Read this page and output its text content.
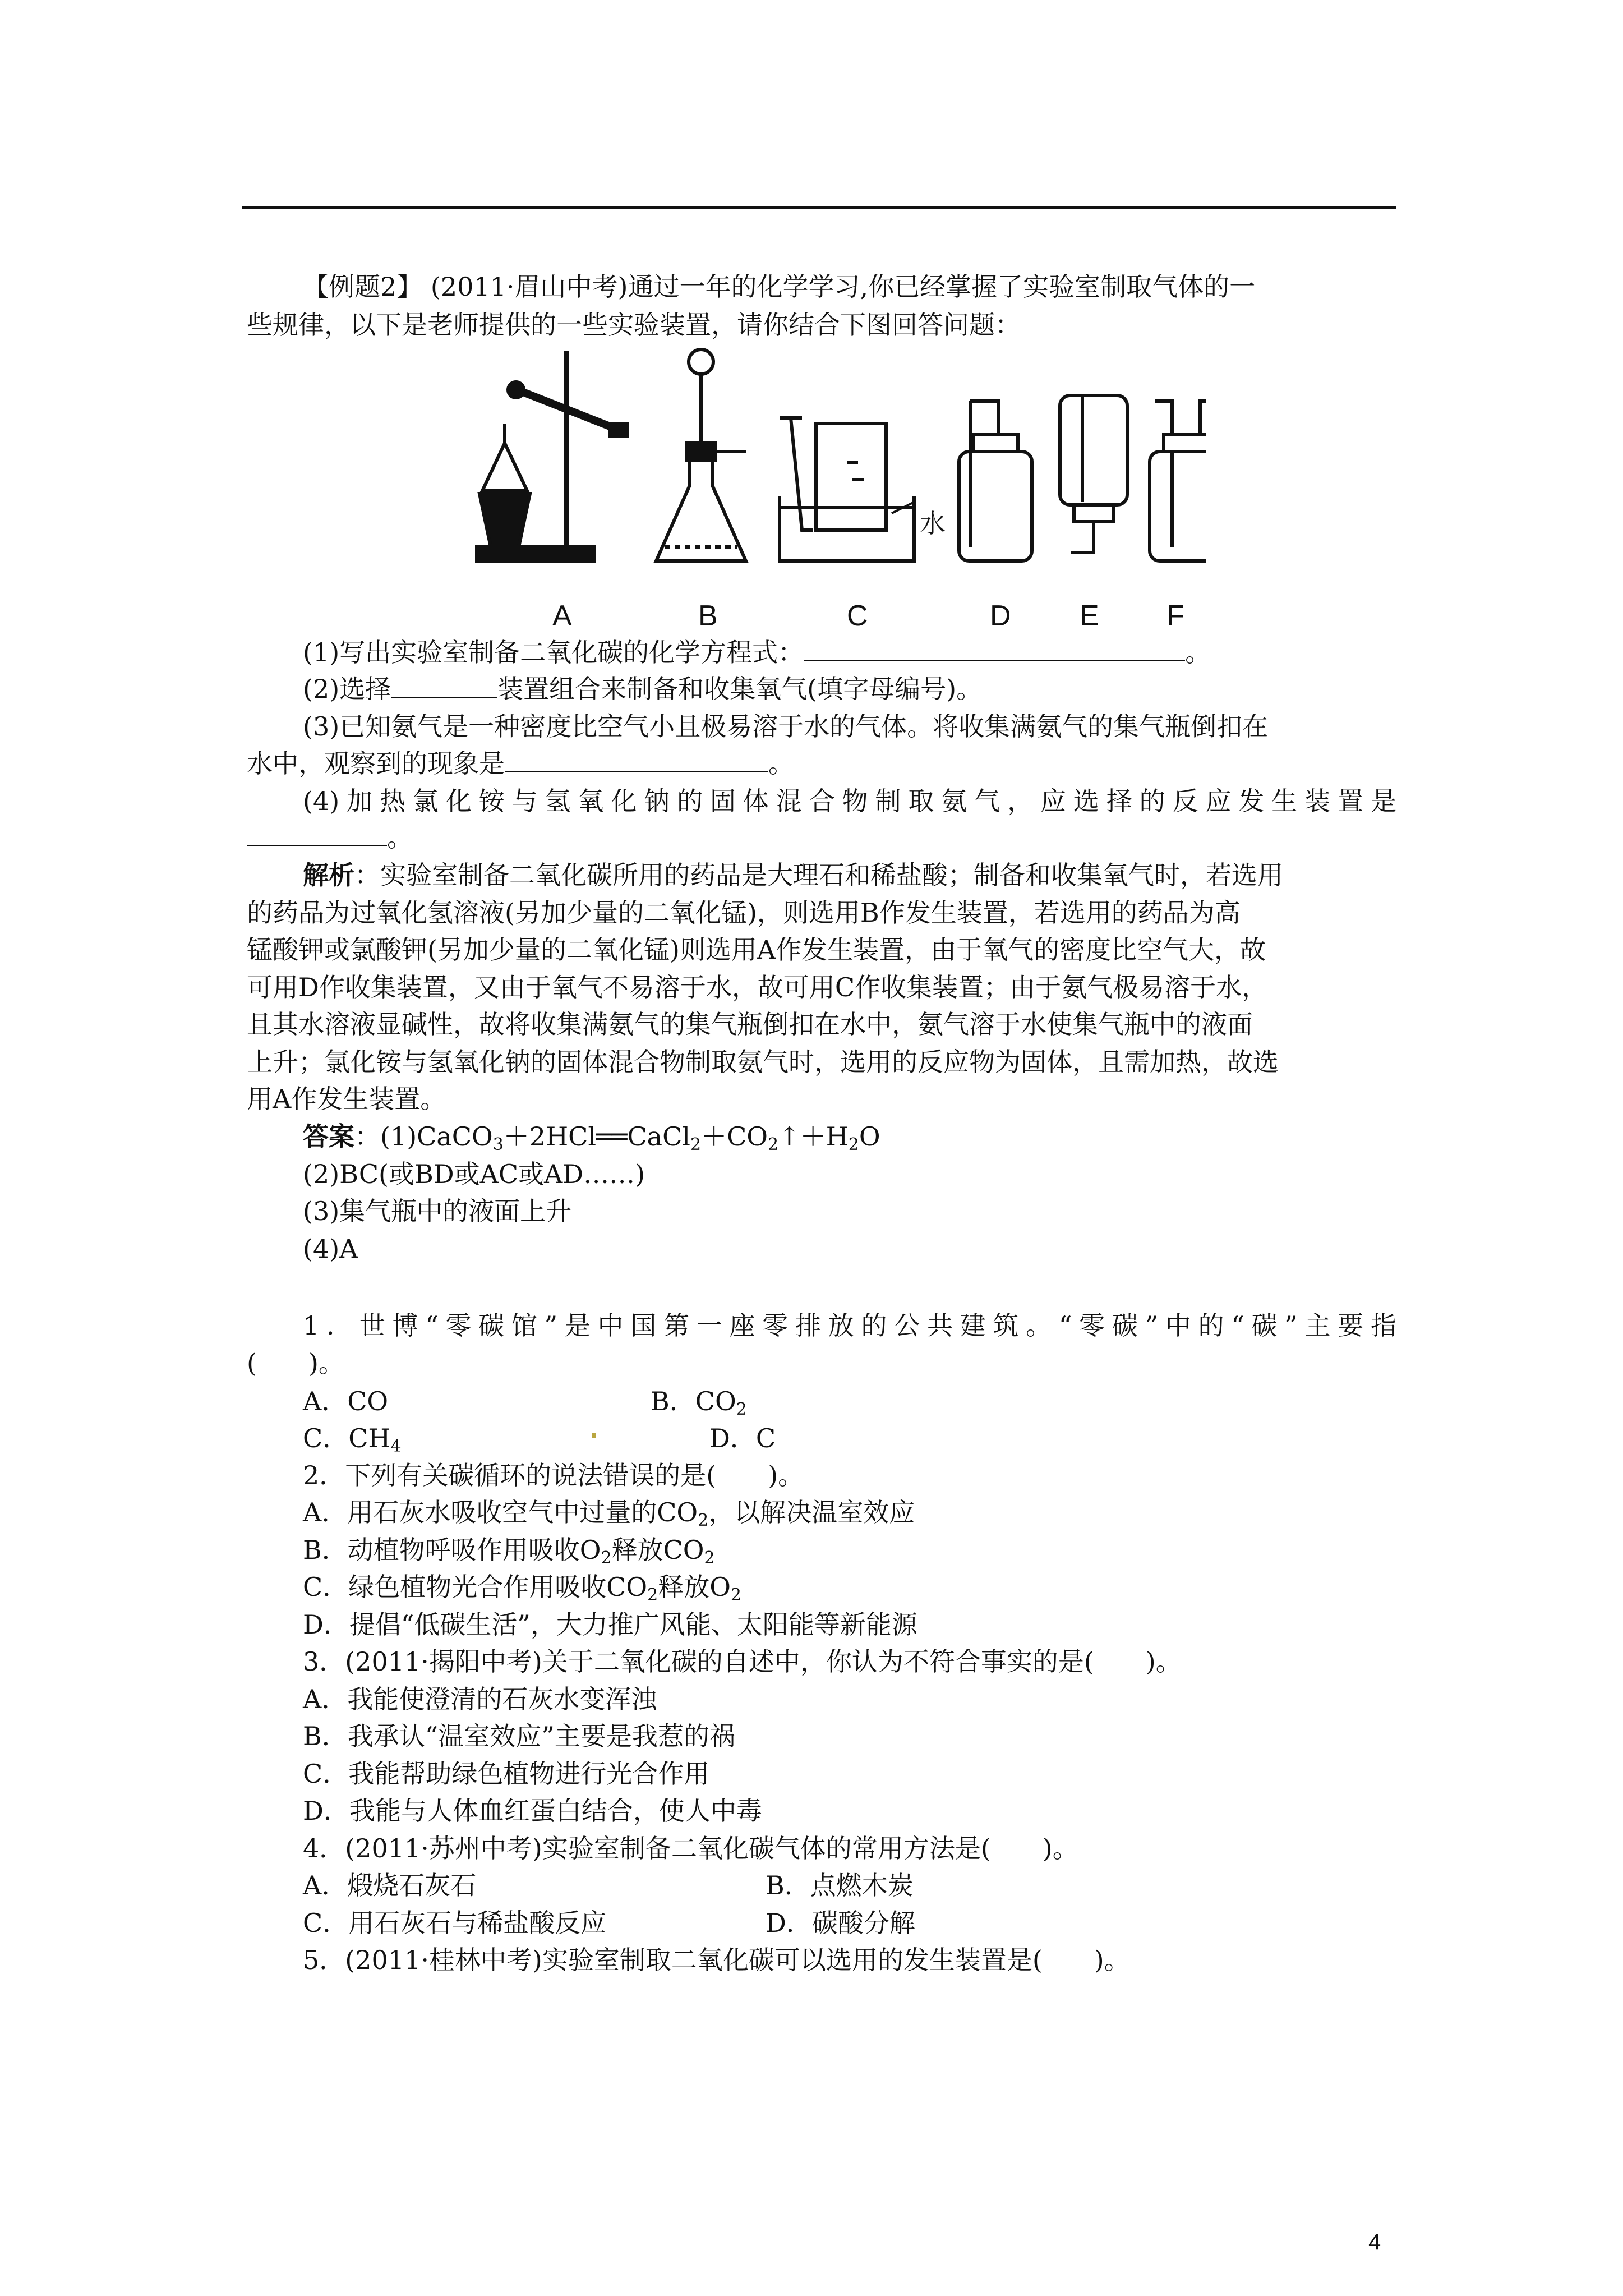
【例题2】 (2011·眉山中考)通过一年的化学学习,你已经掌握了实验室制取气体的一
些规律，以下是老师提供的一些实验装置，请你结合下图回答问题：
水
A	B	C	D E F
(1)写出实验室制备二氧化碳的化学方程式：	。
(2)选择	装置组合来制备和收集氧气(填字母编号)。
(3)已知氨气是一种密度比空气小且极易溶于水的气体。将收集满氨气的集气瓶倒扣在
水中，观察到的现象是	。
(4)加热氯化铵与氢氧化钠的固体混合物制取氨气，应选择的反应发生装置是
。
解析：实验室制备二氧化碳所用的药品是大理石和稀盐酸；制备和收集氧气时，若选用
的药品为过氧化氢溶液(另加少量的二氧化锰)，则选用B作发生装置，若选用的药品为高
锰酸钾或氯酸钾(另加少量的二氧化锰)则选用A作发生装置，由于氧气的密度比空气大，故
可用D作收集装置，又由于氧气不易溶于水，故可用C作收集装置；由于氨气极易溶于水，
且其水溶液显碱性，故将收集满氨气的集气瓶倒扣在水中，氨气溶于水使集气瓶中的液面
上升；氯化铵与氢氧化钠的固体混合物制取氨气时，选用的反应物为固体，且需加热，故选
用A作发生装置。
答案：$(1)CaCO_3+2HCl══CaCl_2+CO_2↑+H_2O$
(2)BC(或BD或AC或AD……)
(3)集气瓶中的液面上升
(4)A
1．世博“零碳馆”是中国第一座零排放的公共建筑。“零碳”中的“碳”主要指
(　　)。
A．CO	B．$CO_2$
C．$CH_4$	D．C
2．下列有关碳循环的说法错误的是(　　)。
A．用石灰水吸收空气中过量的$CO_2$，以解决温室效应
B．动植物呼吸作用吸收$O_2$释放$CO_2$
C．绿色植物光合作用吸收$CO_2$释放$O_2$
D．提倡“低碳生活”，大力推广风能、太阳能等新能源
3．(2011·揭阳中考)关于二氧化碳的自述中，你认为不符合事实的是(　　)。
A．我能使澄清的石灰水变浑浊
B．我承认“温室效应”主要是我惹的祸
C．我能帮助绿色植物进行光合作用
D．我能与人体血红蛋白结合，使人中毒
4．(2011·苏州中考)实验室制备二氧化碳气体的常用方法是(　　)。
A．煅烧石灰石	B．点燃木炭
C．用石灰石与稀盐酸反应	D．碳酸分解
5．(2011·桂林中考)实验室制取二氧化碳可以选用的发生装置是(　　)。
4
